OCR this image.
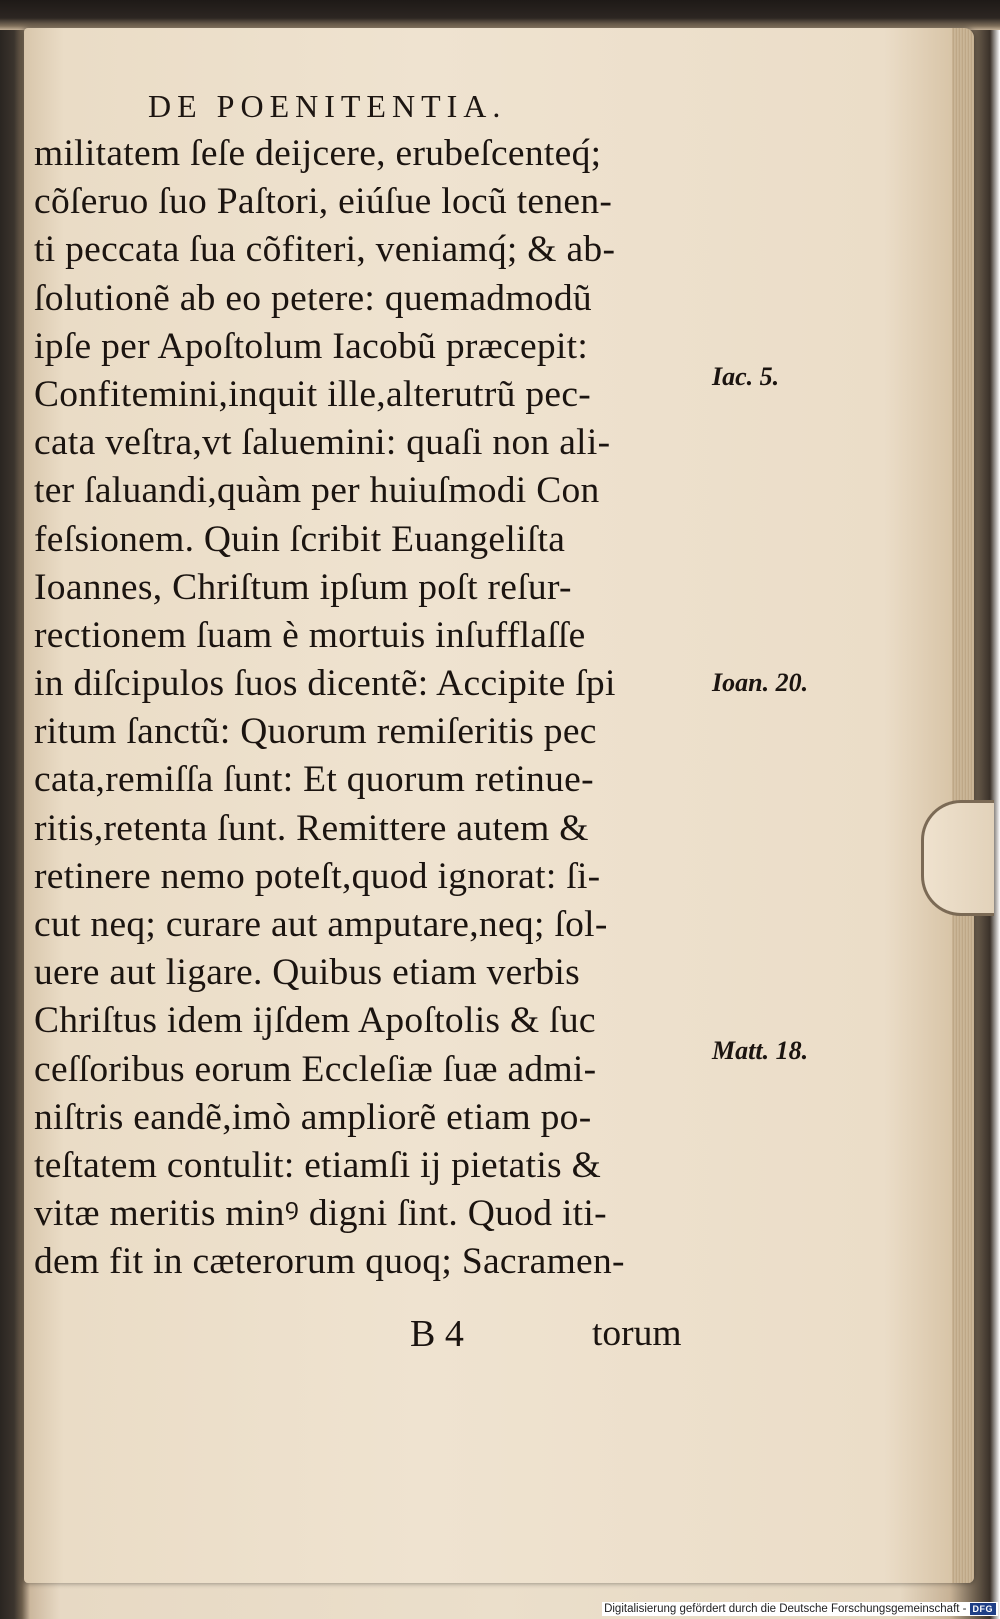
DE POENITENTIA.
militatem ſeſe deijcere, erubeſcenteq́;
cõſeruo ſuo Paſtori, eiúſue locũ tenen-
ti peccata ſua cõfiteri, veniamq́; & ab-
ſolutionẽ ab eo petere: quemadmodũ
ipſe per Apoſtolum Iacobũ præcepit:
Confitemini,inquit ille,alterutrũ pec-
cata veſtra,vt ſaluemini: quaſi non ali-
ter ſaluandi,quàm per huiuſmodi Con
feſsionem. Quin ſcribit Euangeliſta
Ioannes, Chriſtum ipſum poſt reſur-
rectionem ſuam è mortuis inſufflaſſe
in diſcipulos ſuos dicentẽ: Accipite ſpi
ritum ſanctũ: Quorum remiſeritis pec
cata,remiſſa ſunt: Et quorum retinue-
ritis,retenta ſunt. Remittere autem &
retinere nemo poteſt,quod ignorat: ſi-
cut neq; curare aut amputare,neq; ſol-
uere aut ligare. Quibus etiam verbis
Chriſtus idem ijſdem Apoſtolis & ſuc
ceſſoribus eorum Eccleſiæ ſuæ admi-
niſtris eandẽ,imò ampliorẽ etiam po-
teſtatem contulit: etiamſi ij pietatis &
vitæ meritis minꝰ digni ſint. Quod iti-
dem fit in cæterorum quoq; Sacramen-
Iac. 5.
Ioan. 20.
Matt. 18.
B 4	torum
Digitalisierung gefördert durch die Deutsche Forschungsgemeinschaft - DFG
